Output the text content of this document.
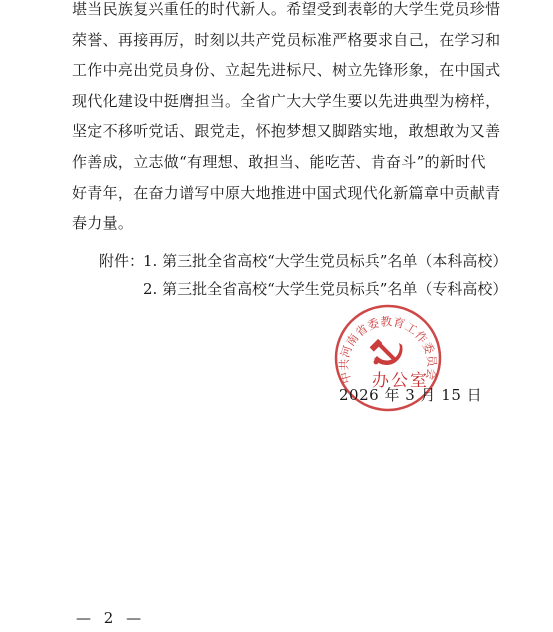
堪当民族复兴重任的时代新人。希望受到表彰的大学生党员珍惜
荣誉、再接再厉，时刻以共产党员标准严格要求自己，在学习和
工作中亮出党员身份、立起先进标尺、树立先锋形象，在中国式
现代化建设中挺膺担当。全省广大大学生要以先进典型为榜样，
坚定不移听党话、跟党走，怀抱梦想又脚踏实地，敢想敢为又善
作善成，立志做“有理想、敢担当、能吃苦、肯奋斗”的新时代
好青年，在奋力谱写中原大地推进中国式现代化新篇章中贡献青
春力量。
附件：1. 第三批全省高校“大学生党员标兵”名单（本科高校）
2. 第三批全省高校“大学生党员标兵”名单（专科高校）
中共河南省委教育工作委员会
办公室
2026 年 3 月 15 日
— 2 —
